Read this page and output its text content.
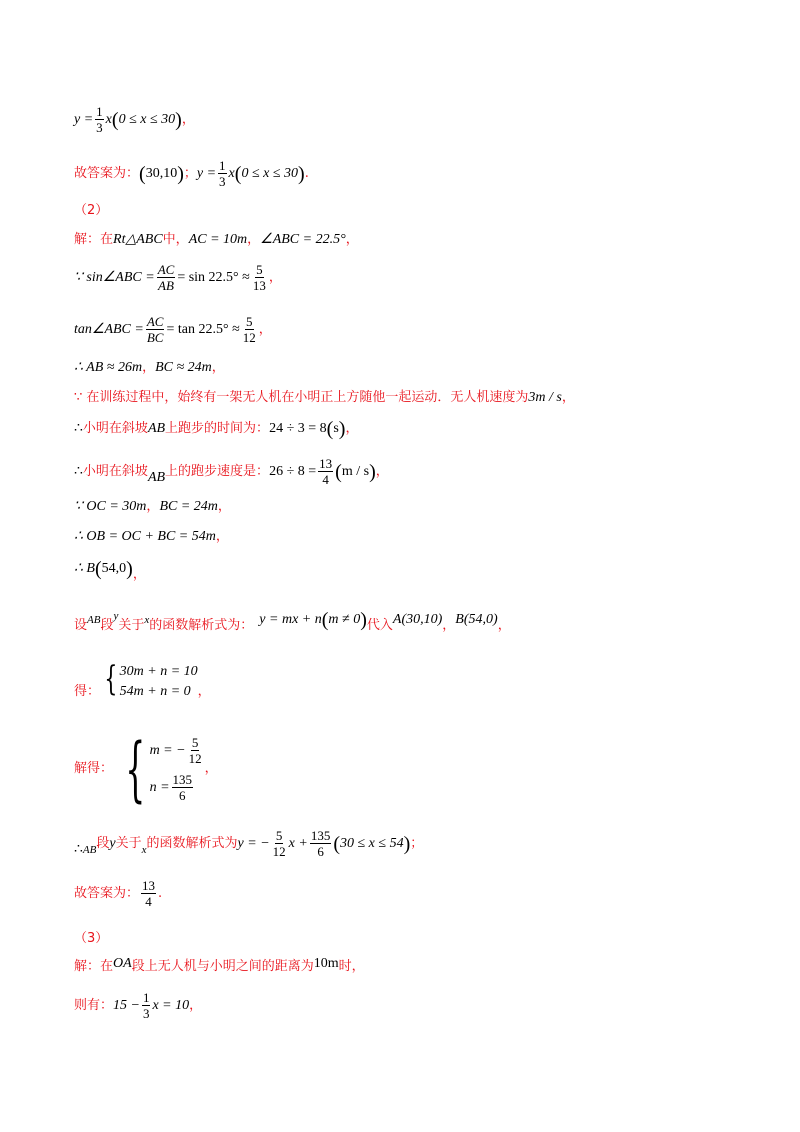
$y = \frac{1}{3}$ x ( 0 ≤ x ≤ 30 ) ，
故答案为： ( 30,10 ) ； $y = \frac{1}{3}$ x ( 0 ≤ x ≤ 30 ) .
（2）
解：在 Rt△ABC 中， AC = 10m ， ∠ABC = 22.5° ，
∵ sin∠ABC = $\frac{AC}{AB} = \sin 22.5^\circ \approx \frac{5}{13}$ ，
tan∠ABC = $\frac{AC}{BC} = \tan 22.5^\circ \approx \frac{5}{12}$ ，
∴ AB ≈ 26m ， BC ≈ 24m ，
∵ 在训练过程中，始终有一架无人机在小明正上方随他一起运动．无人机速度为 3m / s ，
∴ 小明在斜坡 AB 上跑步的时间为： 24 ÷ 3 = 8 ( s ) ，
∴ 小明在斜坡 AB 上的跑步速度是： $26 \div 8 = \frac{13}{4}$ ( m / s ) ，
∵ OC = 30m ， BC = 24m ，
∴ OB = OC + BC = 54m ，
∴ B ( 54,0 ) ，
设 AB 段
y
关于 x 的函数解析式为： y = mx + n ( m ≠ 0 ) 代入 A(30,10) ， B(54,0) ，
得： { 30m + n = 10
54m + n = 0 ，
解得： { m = − $\frac{5}{12}$
$n = \frac{135}{6}$
，
∴ AB 段 y 关于 x 的函数解析式为 y = − $\frac{5}{12}$ $x + \frac{135}{6}$ ( 30 ≤ x ≤ 54 ) ；
故答案为： $\frac{13}{4}$ .
（3）
解：在 OA 段上无人机与小明之间的距离为 10m 时，
则有： $15 - \frac{1}{3}$ x = 10 ，
